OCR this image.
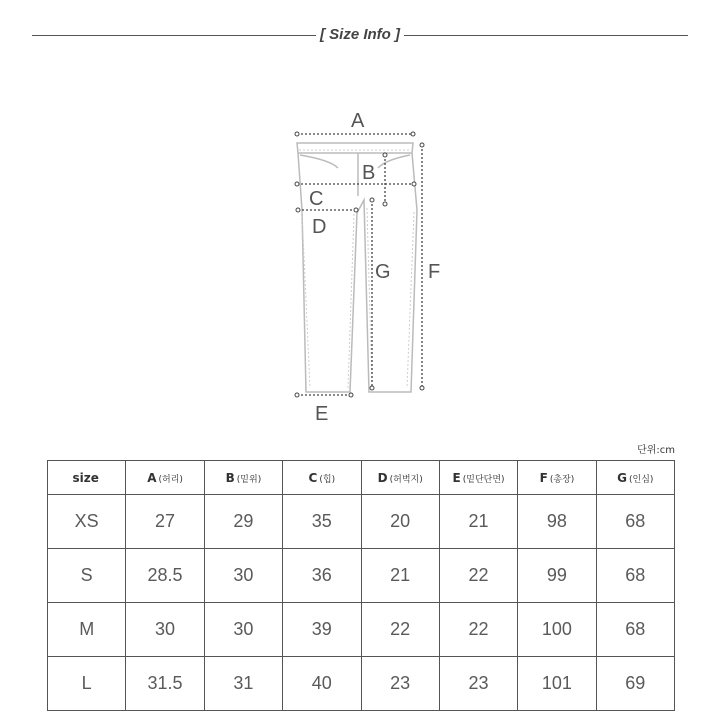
[ Size Info ]
A
B
C
D
E
F
G
단위:cm
size	A (허리)	B (밑위)	C (힙)	D (허벅지)	E (밑단단면)	F (총장)	G (인심)
XS	27	29	35	20	21	98	68
S	28.5	30	36	21	22	99	68
M	30	30	39	22	22	100	68
L	31.5	31	40	23	23	101	69
